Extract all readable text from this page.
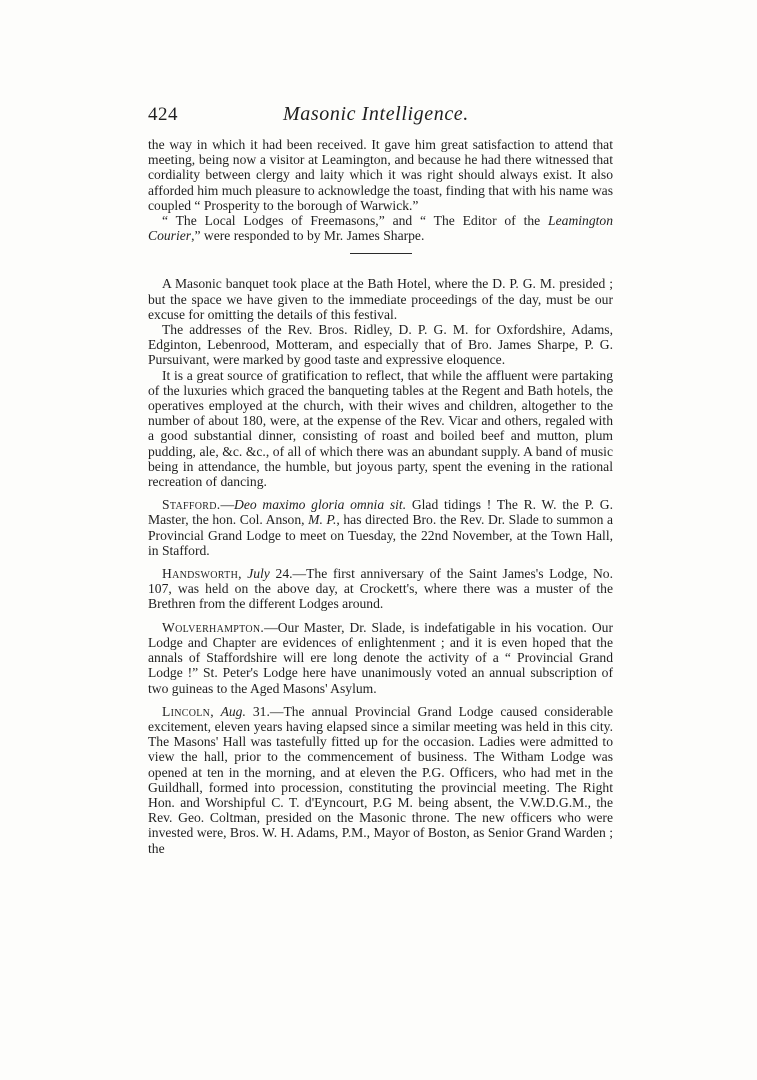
424	Masonic Intelligence.

the way in which it had been received. It gave him great satisfaction to attend that meeting, being now a visitor at Leamington, and because he had there witnessed that cordiality between clergy and laity which it was right should always exist. It also afforded him much pleasure to acknowledge the toast, finding that with his name was coupled “ Prosperity to the borough of Warwick.”

“ The Local Lodges of Freemasons,” and “ The Editor of the Leamington Courier,” were responded to by Mr. James Sharpe.

A Masonic banquet took place at the Bath Hotel, where the D. P. G. M. presided ; but the space we have given to the immediate proceedings of the day, must be our excuse for omitting the details of this festival.

The addresses of the Rev. Bros. Ridley, D. P. G. M. for Oxfordshire, Adams, Edginton, Lebenrood, Motteram, and especially that of Bro. James Sharpe, P. G. Pursuivant, were marked by good taste and expressive eloquence.

It is a great source of gratification to reflect, that while the affluent were partaking of the luxuries which graced the banqueting tables at the Regent and Bath hotels, the operatives employed at the church, with their wives and children, altogether to the number of about 180, were, at the expense of the Rev. Vicar and others, regaled with a good substantial dinner, consisting of roast and boiled beef and mutton, plum pudding, ale, &c. &c., of all of which there was an abundant supply. A band of music being in attendance, the humble, but joyous party, spent the evening in the rational recreation of dancing.

Stafford.—Deo maximo gloria omnia sit. Glad tidings ! The R. W. the P. G. Master, the hon. Col. Anson, M. P., has directed Bro. the Rev. Dr. Slade to summon a Provincial Grand Lodge to meet on Tuesday, the 22nd November, at the Town Hall, in Stafford.

Handsworth, July 24.—The first anniversary of the Saint James's Lodge, No. 107, was held on the above day, at Crockett's, where there was a muster of the Brethren from the different Lodges around.

Wolverhampton.—Our Master, Dr. Slade, is indefatigable in his vocation. Our Lodge and Chapter are evidences of enlightenment ; and it is even hoped that the annals of Staffordshire will ere long denote the activity of a “ Provincial Grand Lodge !” St. Peter's Lodge here have unanimously voted an annual subscription of two guineas to the Aged Masons' Asylum.

Lincoln, Aug. 31.—The annual Provincial Grand Lodge caused considerable excitement, eleven years having elapsed since a similar meeting was held in this city. The Masons' Hall was tastefully fitted up for the occasion. Ladies were admitted to view the hall, prior to the commencement of business. The Witham Lodge was opened at ten in the morning, and at eleven the P.G. Officers, who had met in the Guildhall, formed into procession, constituting the provincial meeting. The Right Hon. and Worshipful C. T. d'Eyncourt, P.G M. being absent, the V.W.D.G.M., the Rev. Geo. Coltman, presided on the Masonic throne. The new officers who were invested were, Bros. W. H. Adams, P.M., Mayor of Boston, as Senior Grand Warden ; the
